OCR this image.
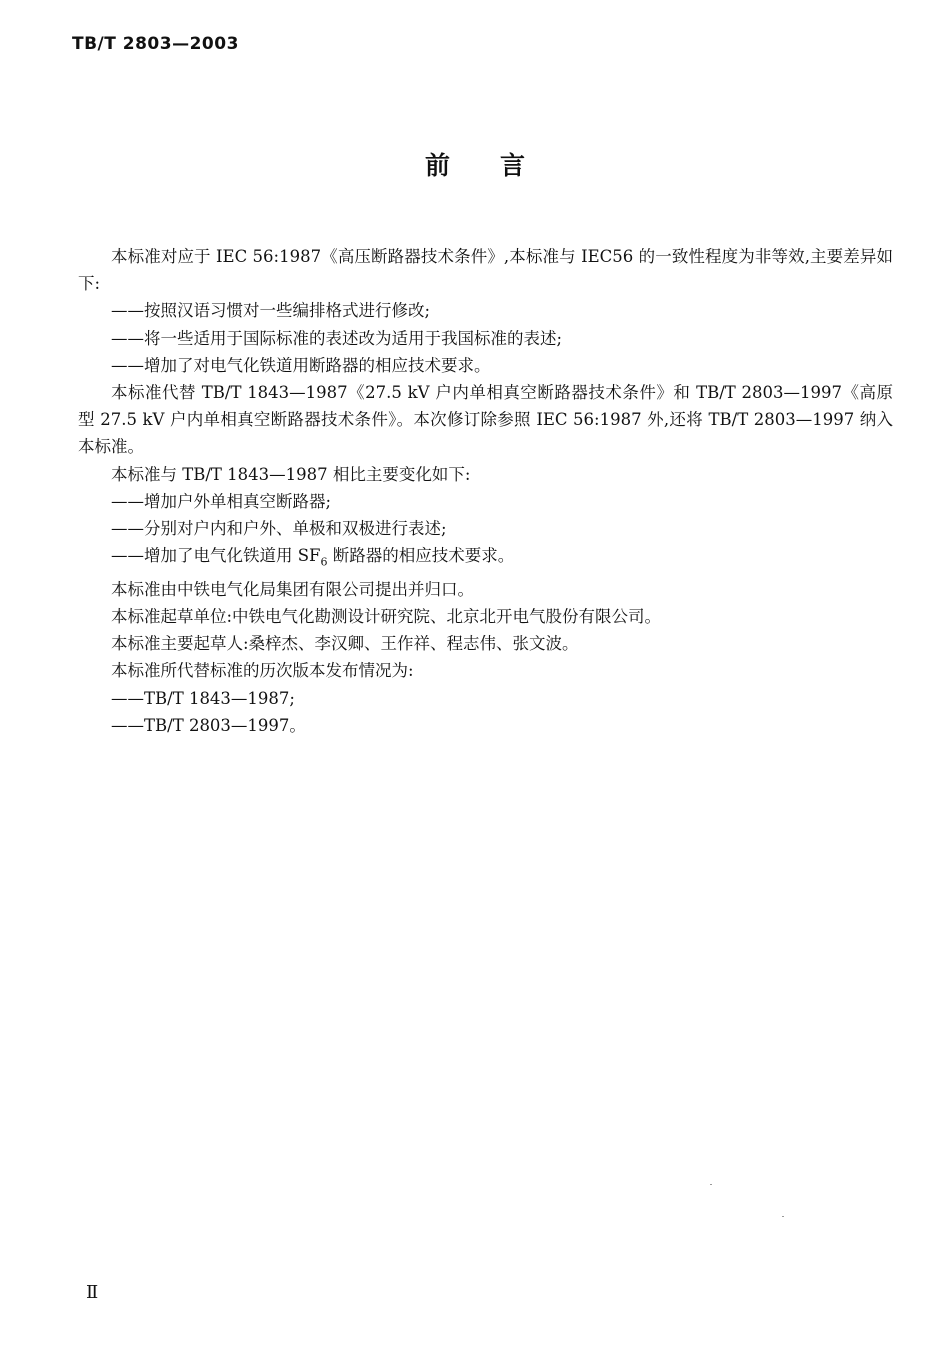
TB/T 2803—2003
前言

本标准对应于 IEC 56:1987《高压断路器技术条件》,本标准与 IEC56 的一致性程度为非等效,主要差异如下:

——按照汉语习惯对一些编排格式进行修改;

——将一些适用于国际标准的表述改为适用于我国标准的表述;

——增加了对电气化铁道用断路器的相应技术要求。

本标准代替 TB/T 1843—1987《27.5 kV 户内单相真空断路器技术条件》和 TB/T 2803—1997《高原型 27.5 kV 户内单相真空断路器技术条件》。本次修订除参照 IEC 56:1987 外,还将 TB/T 2803—1997 纳入本标准。

本标准与 TB/T 1843—1987 相比主要变化如下:

——增加户外单相真空断路器;

——分别对户内和户外、单极和双极进行表述;

——增加了电气化铁道用 $SF_6$ 断路器的相应技术要求。

本标准由中铁电气化局集团有限公司提出并归口。

本标准起草单位:中铁电气化勘测设计研究院、北京北开电气股份有限公司。

本标准主要起草人:桑梓杰、李汉卿、王作祥、程志伟、张文波。

本标准所代替标准的历次版本发布情况为:

——TB/T 1843—1987;

——TB/T 2803—1997。

Ⅱ
